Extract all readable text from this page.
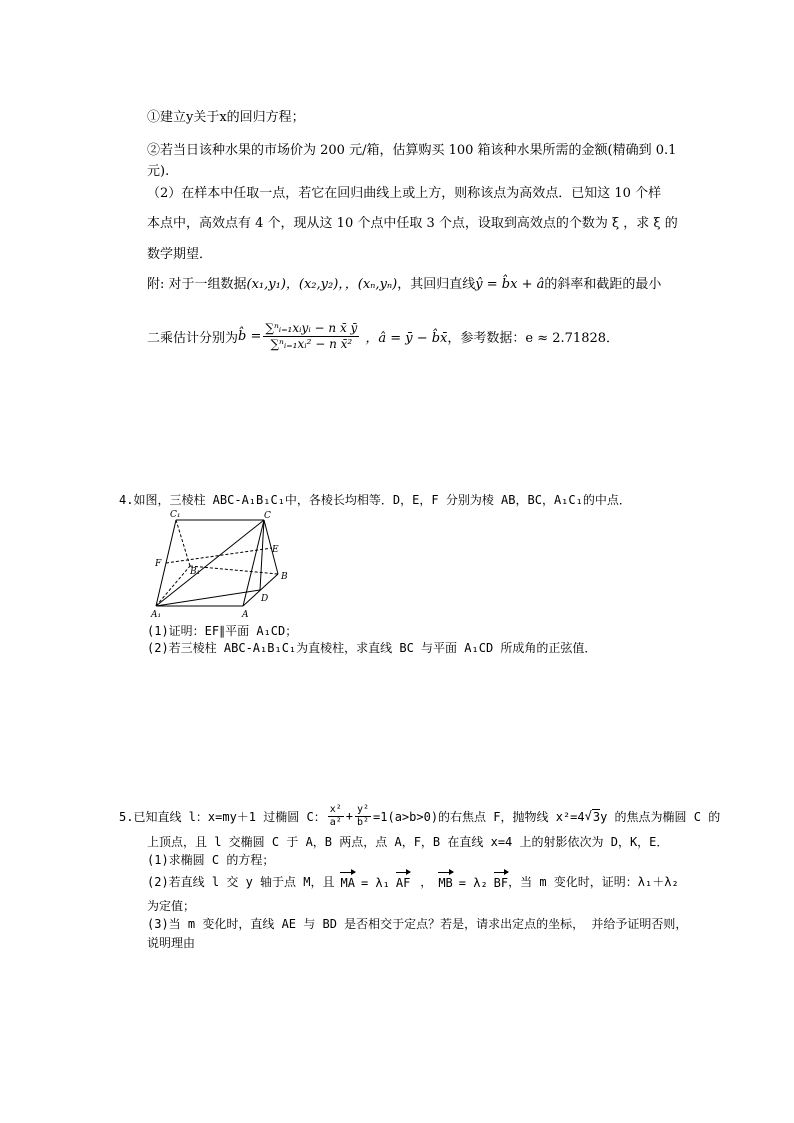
①建立y关于x的回归方程；
②若当日该种水果的市场价为 200 元/箱，估算购买 100 箱该种水果所需的金额(精确到 0.1
元).
（2）在样本中任取一点，若它在回归曲线上或上方，则称该点为高效点．已知这 10 个样
本点中，高效点有 4 个，现从这 10 个点中任取 3 个点，设取到高效点的个数为 ξ ，求 ξ 的
数学期望．
附: 对于一组数据(x₁,y₁)，(x₂,y₂)，，(xₙ,yₙ)，其回归直线ŷ = b̂x + â的斜率和截距的最小
二乘估计分别为 b̂ = $\frac{\text{∑ⁿᵢ₌₁xᵢyᵢ − n x̄ ȳ}}{\text{∑ⁿᵢ₌₁xᵢ² − n x̄²}}$ ，â = ȳ − b̂x̄ ，参考数据：e ≈ 2.71828．
4.如图，三棱柱 ABC-A₁B₁C₁中，各棱长均相等．D，E，F 分别为棱 AB，BC，A₁C₁的中点．
C₁	C
E
F
B₁	B
D
A₁	A
(1)证明：EF∥平面 A₁CD；
(2)若三棱柱 ABC-A₁B₁C₁为直棱柱，求直线 BC 与平面 A₁CD 所成角的正弦值．
5.已知直线 l：x=my＋1 过椭圆 C： $\frac{\text{x²}}{\text{a²}} + \frac{\text{y²}}{\text{b²}} =1(a>b>0)$的右焦点 F，抛物线 x²=4 √ 3 y 的焦点为椭圆 C 的
上顶点，且 l 交椭圆 C 于 A，B 两点，点 A，F，B 在直线 x=4 上的射影依次为 D，K，E．
(1)求椭圆 C 的方程；
(2)若直线 l 交 y 轴于点 M，且 MA = λ₁ AF ， MB = λ₂ BF ，当 m 变化时，证明：λ₁＋λ₂
为定值；
(3)当 m 变化时，直线 AE 与 BD 是否相交于定点？若是，请求出定点的坐标， 并给予证明否则，
说明理由
